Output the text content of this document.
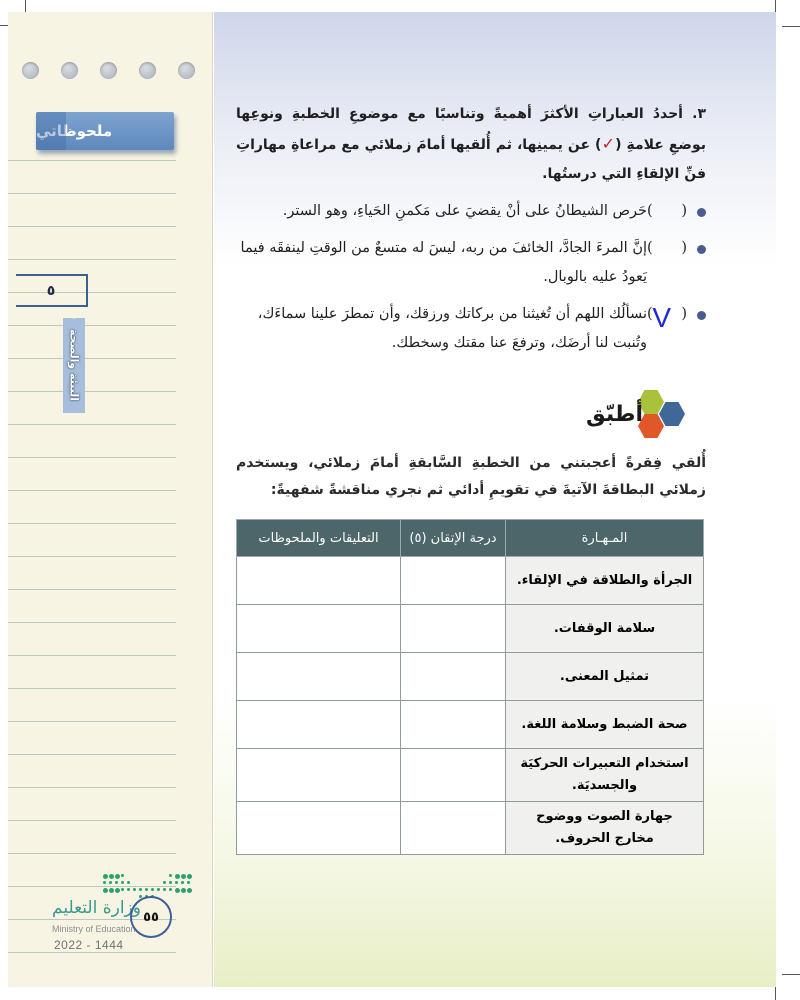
ملحوظاتي
٥
البيئة والصحة
وزارة التعليم
Ministry of Education
2022 - 1444
٥٥
٣. أحددُ العباراتِ الأكثرَ أهميةً وتناسبًا مع موضوعِ الخطبةِ ونوعِها بوضعِ علامةِ (✓) عن يمينِها، ثم أُلقيها أمامَ زملائي مع مراعاةِ مهاراتِ فنِّ الإلقاءِ التي درستُها.
(
)
حَرص الشيطانُ على أنْ يقضيَ على مَكمنِ الحَياءِ، وهو الستر.
(
)
إنَّ المرءَ الجادَّ، الخائفَ من ربه، ليسَ له متسعٌ من الوقتِ لينفقَه فيما يَعودُ عليه بالوبال.
(
) V
نسألُك اللهم أن تُغيثنا من بركاتك ورزقك، وأن تمطرَ علينا سماءَك، وتُنبت لنا أرضَك، وترفعَ عنا مقتك وسخطك.
أطبّق
أُلقي فِقرةً أعجبتني من الخطبةِ السَّابقةِ أمامَ زملائي، ويستخدم زملائي البطاقةَ الآتيةَ في تقويمِ أدائي ثم نجري مناقشةً شفهيةً:
المـهـارة	درجة الإتقان (٥)	التعليقات والملحوظات
الجرأة والطلاقة في الإلقاء.		
سلامة الوقفات.		
تمثيل المعنى.		
صحة الضبط وسلامة اللغة.		
استخدام التعبيرات الحركيَة والجسديَة.		
جهارة الصوت ووضوح مخارج الحروف.		
